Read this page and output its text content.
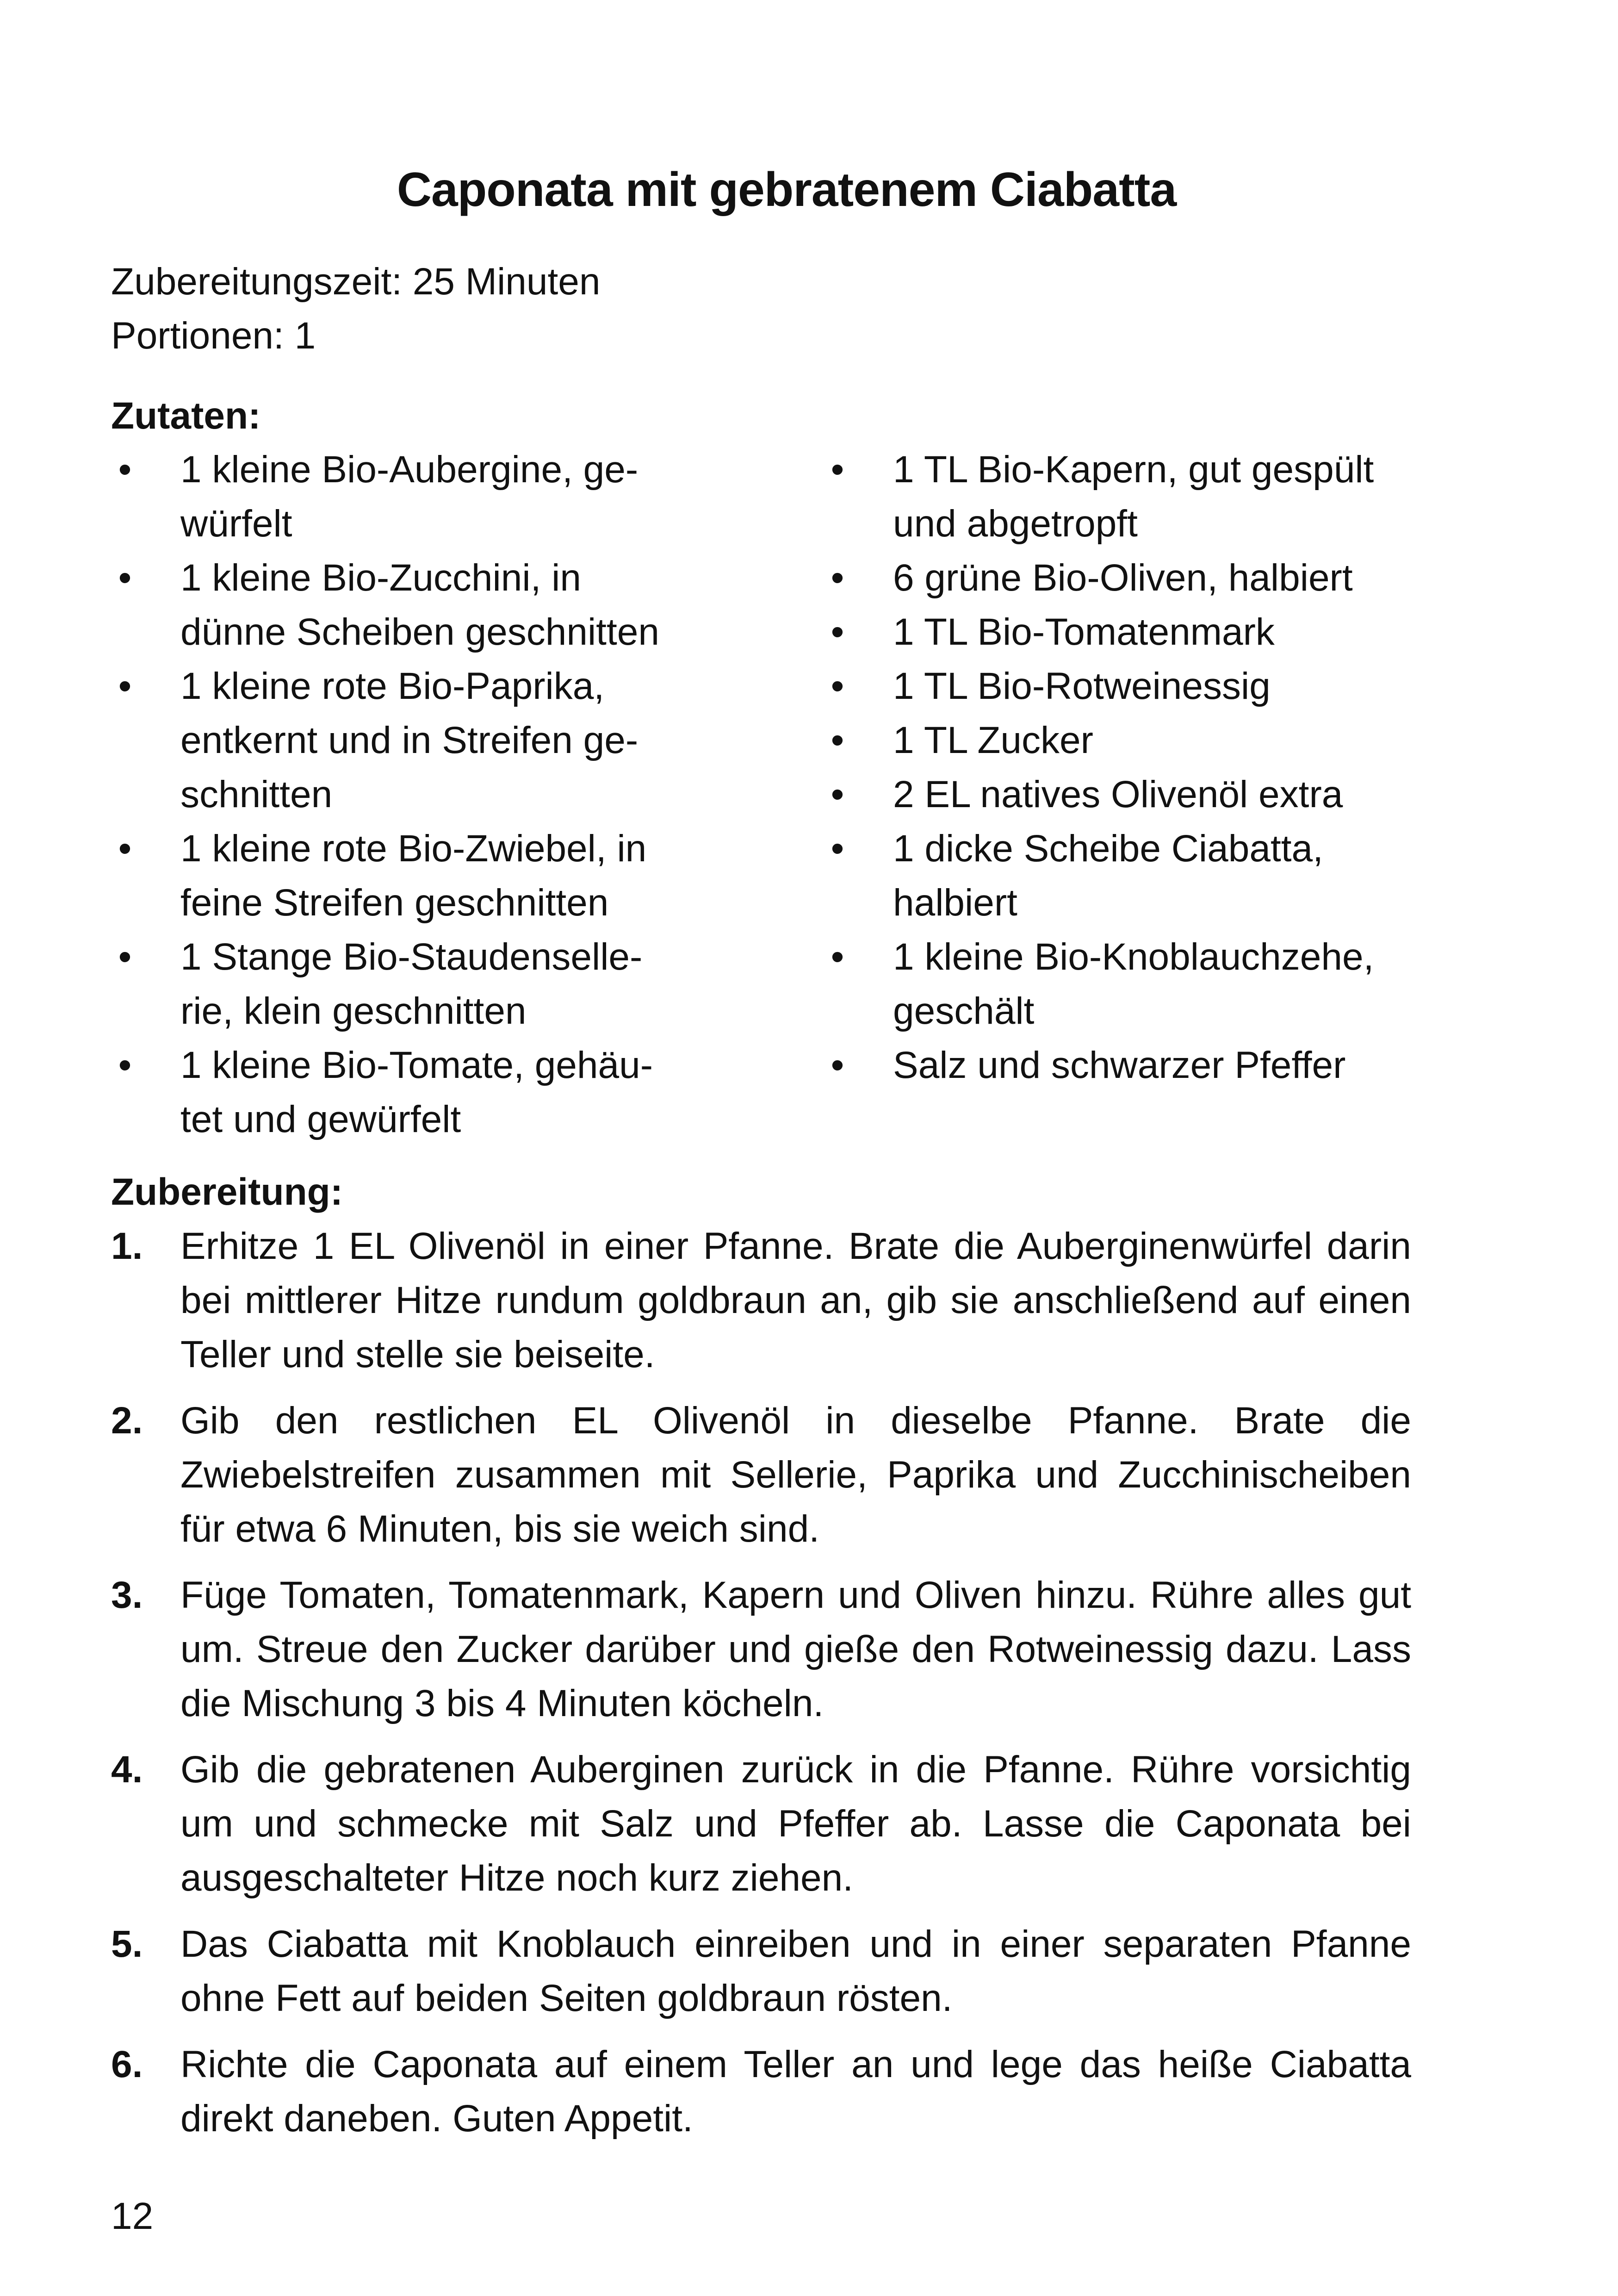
Caponata mit gebratenem Ciabatta
Zubereitungszeit: 25 Minuten
Portionen: 1
Zutaten:
• 1 kleine Bio-Aubergine, ge-
würfelt
• 1 kleine Bio-Zucchini, in
dünne Scheiben geschnitten
• 1 kleine rote Bio-Paprika,
entkernt und in Streifen ge-
schnitten
• 1 kleine rote Bio-Zwiebel, in
feine Streifen geschnitten
• 1 Stange Bio-Staudenselle-
rie, klein geschnitten
• 1 kleine Bio-Tomate, gehäu-
tet und gewürfelt
• 1 TL Bio-Kapern, gut gespült
und abgetropft
• 6 grüne Bio-Oliven, halbiert
• 1 TL Bio-Tomatenmark
• 1 TL Bio-Rotweinessig
• 1 TL Zucker
• 2 EL natives Olivenöl extra
• 1 dicke Scheibe Ciabatta,
halbiert
• 1 kleine Bio-Knoblauchzehe,
geschält
• Salz und schwarzer Pfeffer
Zubereitung:
1. Erhitze 1 EL Olivenöl in einer Pfanne. Brate die Auberginenwürfel darin bei mittlerer Hitze rundum goldbraun an, gib sie anschließend auf einen Teller und stelle sie beiseite.
2. Gib den restlichen EL Olivenöl in dieselbe Pfanne. Brate die Zwiebelstreifen zusammen mit Sellerie, Paprika und Zucchinischeiben für etwa 6 Minuten, bis sie weich sind.
3. Füge Tomaten, Tomatenmark, Kapern und Oliven hinzu. Rühre alles gut um. Streue den Zucker darüber und gieße den Rotweinessig dazu. Lass die Mischung 3 bis 4 Minuten köcheln.
4. Gib die gebratenen Auberginen zurück in die Pfanne. Rühre vorsichtig um und schmecke mit Salz und Pfeffer ab. Lasse die Caponata bei ausgeschalteter Hitze noch kurz ziehen.
5. Das Ciabatta mit Knoblauch einreiben und in einer separaten Pfanne ohne Fett auf beiden Seiten goldbraun rösten.
6. Richte die Caponata auf einem Teller an und lege das heiße Ciabatta direkt daneben. Guten Appetit.
12
